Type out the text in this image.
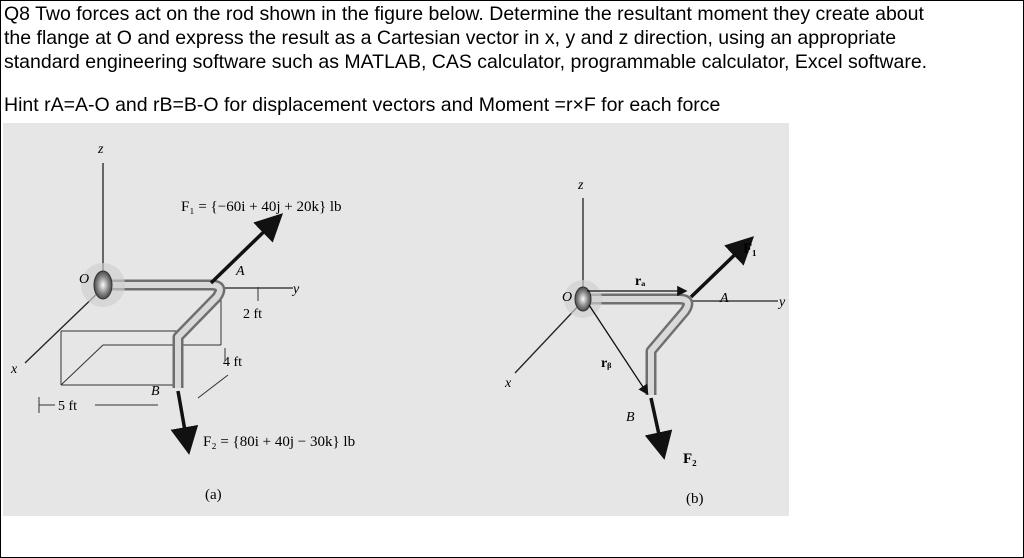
Q8 Two forces act on the rod shown in the figure below. Determine the resultant moment they create about
the flange at O and express the result as a Cartesian vector in x, y and z direction, using an appropriate
standard engineering software such as MATLAB, CAS calculator, programmable calculator, Excel software.
Hint rA=A-O and rB=B-O for displacement vectors and Moment =r×F for each force
z
y
x
O
F₁ = {−60i + 40j + 20k} lb
A
2 ft
4 ft
5 ft
B
F₂ = {80i + 40j − 30k} lb
(a)
z
y
x
O
rₐ
rᵦ
F₁
A
F₂
B
(b)
